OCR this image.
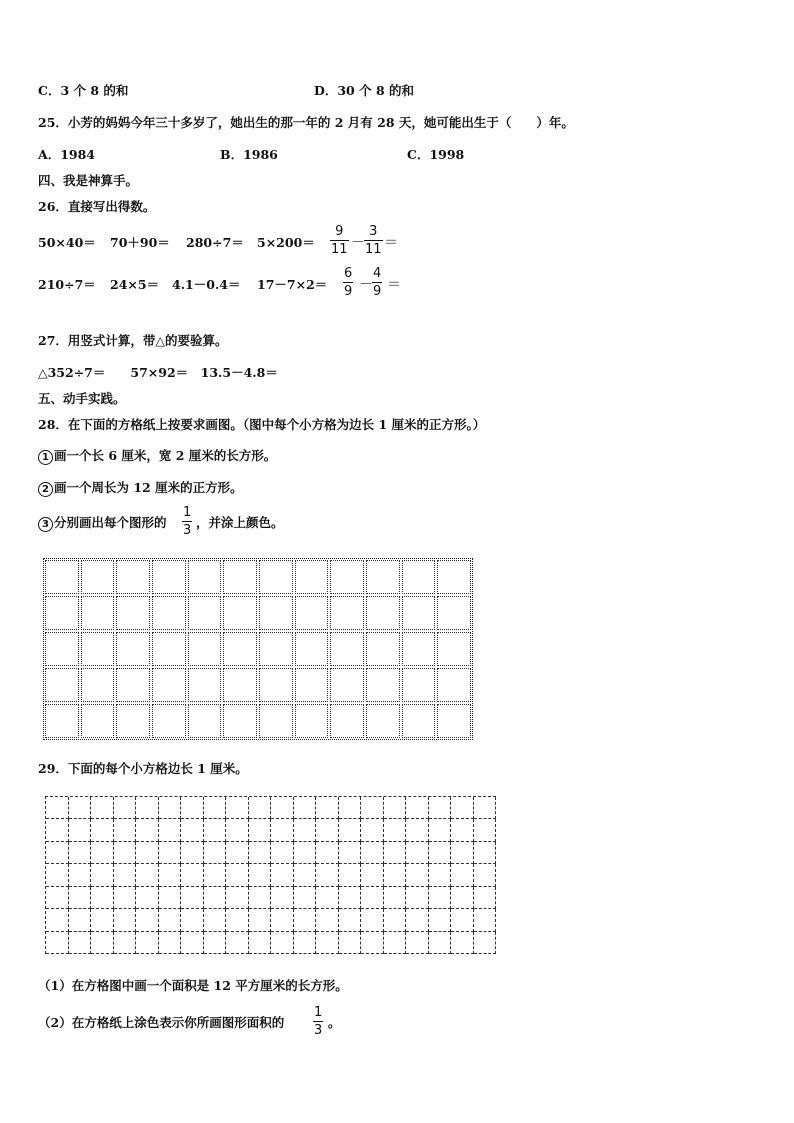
C．3 个 8 的和	D．30 个 8 的和
25．小芳的妈妈今年三十多岁了，她出生的那一年的 2 月有 28 天，她可能出生于（　　）年。
A．1984	B．1986	C．1998
四、我是神算手。
26．直接写出得数。
50×40＝ 70＋90＝ 280÷7＝ 5×200＝
9
11 －
3
11 ＝
210÷7＝ 24×5＝ 4.1－0.4＝ 17－7×2＝
6
9 －
4
9 ＝
27．用竖式计算，带△的要验算。
△352÷7＝　　57×92＝　13.5－4.8＝
五、动手实践。
28．在下面的方格纸上按要求画图。（图中每个小方格为边长 1 厘米的正方形。）
1 画一个长 6 厘米，宽 2 厘米的长方形。
2 画一个周长为 12 厘米的正方形。
3 分别画出每个图形的
1
3
，并涂上颜色。
29．下面的每个小方格边长 1 厘米。
（1）在方格图中画一个面积是 12 平方厘米的长方形。
（2）在方格纸上涂色表示你所画图形面积的
1
3
。
